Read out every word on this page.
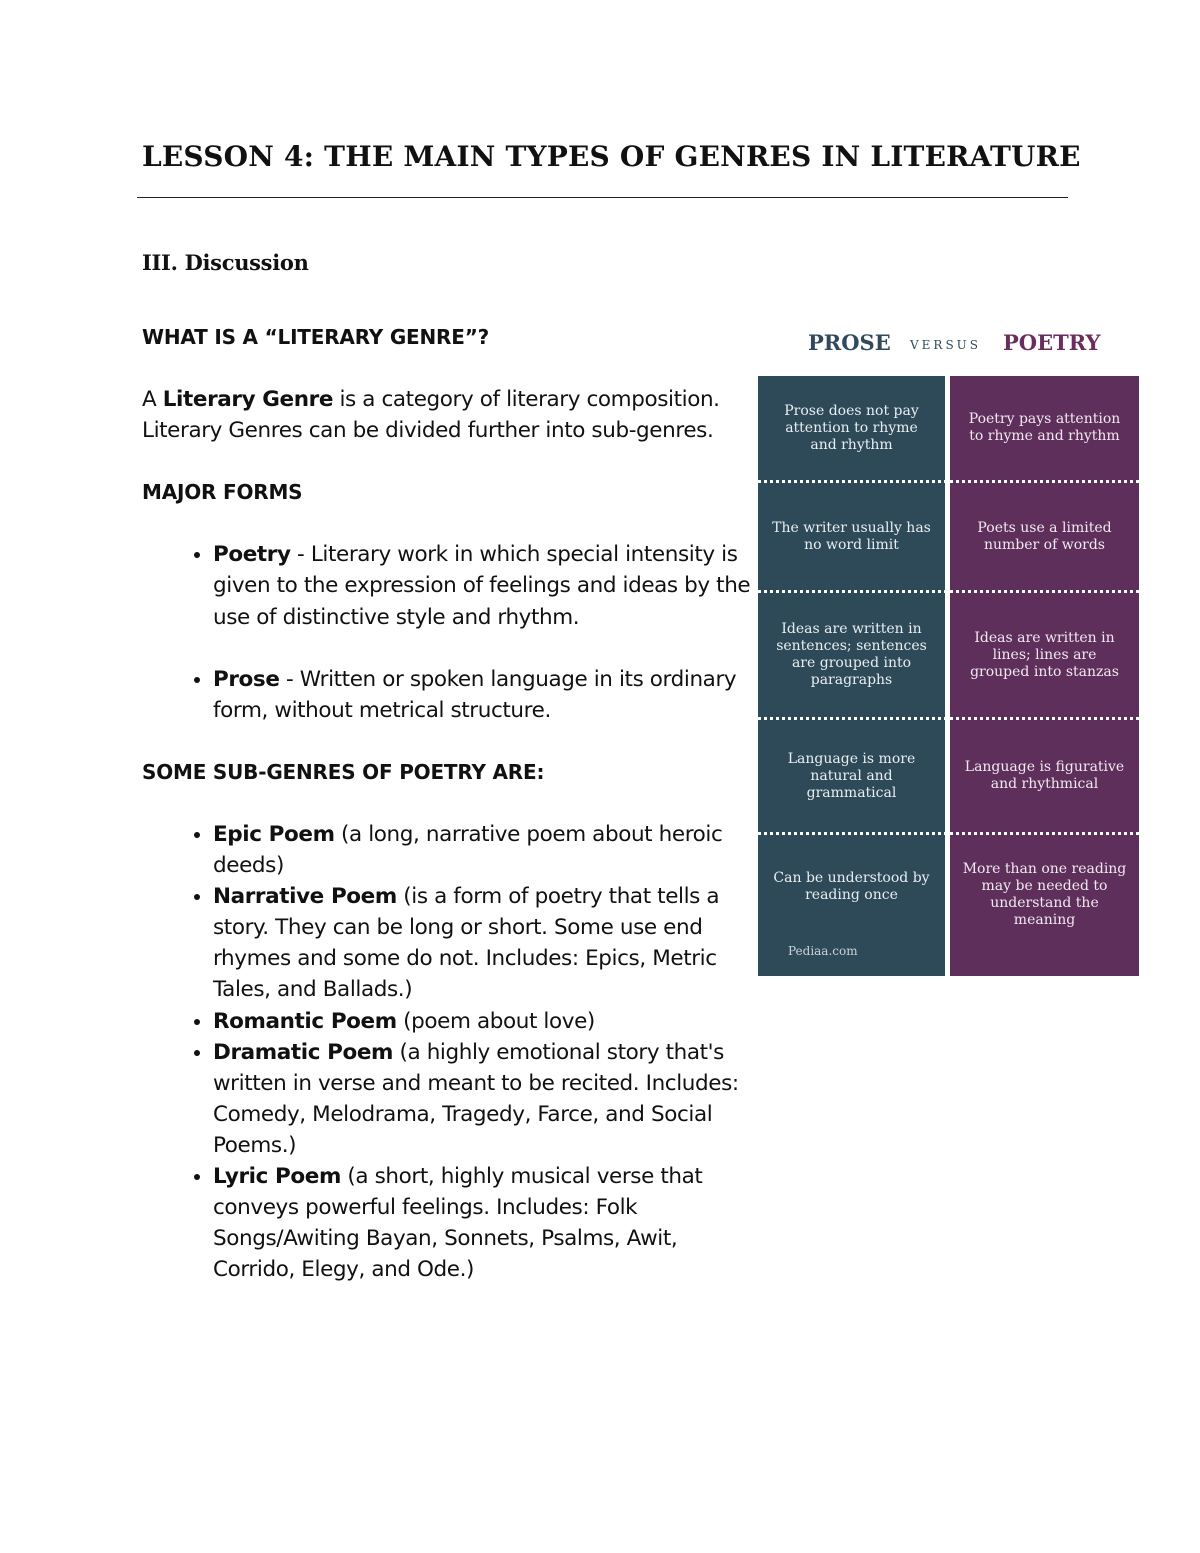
LESSON 4: THE MAIN TYPES OF GENRES IN LITERATURE
III. Discussion

WHAT IS A “LITERARY GENRE”?

A Literary Genre is a category of literary composition.

Literary Genres can be divided further into sub-genres.

MAJOR FORMS

• Poetry - Literary work in which special intensity is given to the expression of feelings and ideas by the use of distinctive style and rhythm.
• Prose - Written or spoken language in its ordinary form, without metrical structure.

SOME SUB-GENRES OF POETRY ARE:

• Epic Poem (a long, narrative poem about heroic deeds)
• Narrative Poem (is a form of poetry that tells a story. They can be long or short. Some use end rhymes and some do not. Includes: Epics, Metric Tales, and Ballads.)
• Romantic Poem (poem about love)
• Dramatic Poem (a highly emotional story that's written in verse and meant to be recited. Includes: Comedy, Melodrama, Tragedy, Farce, and Social Poems.)
• Lyric Poem (a short, highly musical verse that conveys powerful feelings. Includes: Folk Songs/Awiting Bayan, Sonnets, Psalms, Awit, Corrido, Elegy, and Ode.)
PROSE VERSUS POETRY
Prose does not pay attention to rhyme and rhythm
The writer usually has no word limit
Ideas are written in sentences; sentences are grouped into paragraphs
Language is more natural and grammatical
Can be understood by reading once
Pediaa.com
Poetry pays attention to rhyme and rhythm
Poets use a limited number of words
Ideas are written in lines; lines are grouped into stanzas
Language is figurative and rhythmical
More than one reading may be needed to understand the meaning
